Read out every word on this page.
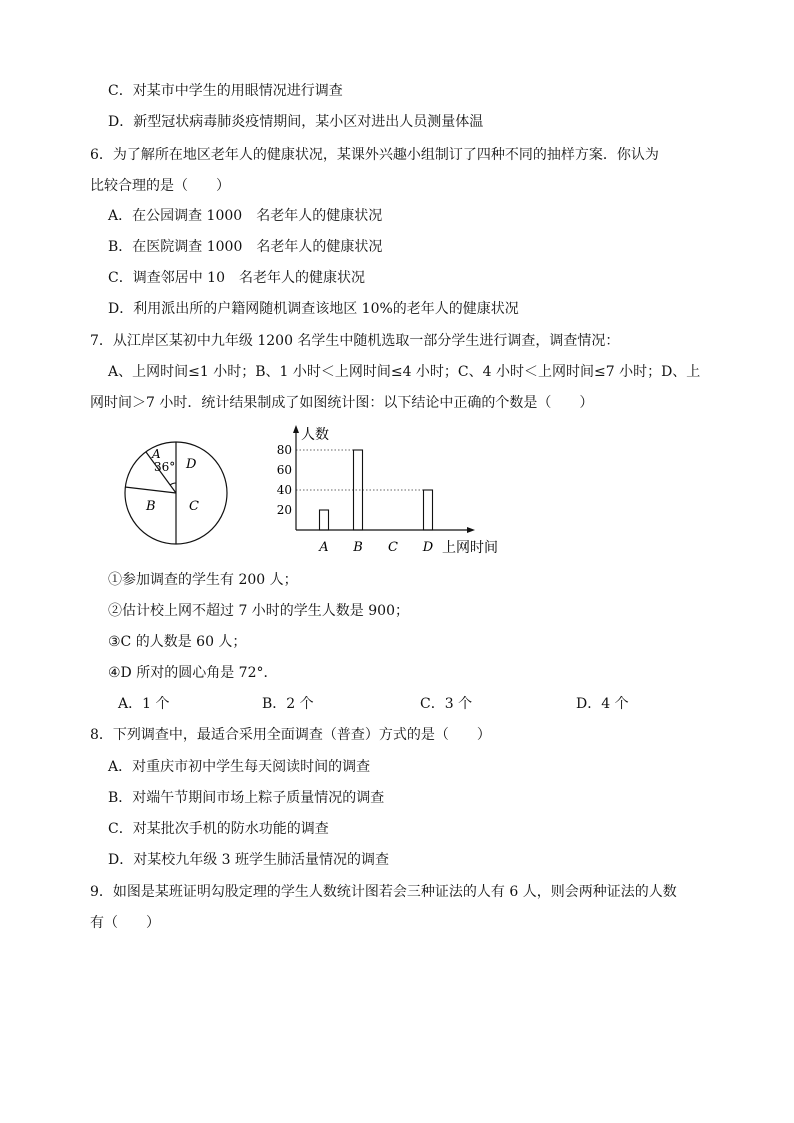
C．对某市中学生的用眼情况进行调查
D．新型冠状病毒肺炎疫情期间，某小区对进出人员测量体温
6．为了解所在地区老年人的健康状况，某课外兴趣小组制订了四种不同的抽样方案．你认为
比较合理的是（　　）
A．在公园调查 1000　名老年人的健康状况
B．在医院调查 1000　名老年人的健康状况
C．调查邻居中 10　名老年人的健康状况
D．利用派出所的户籍网随机调查该地区 10%的老年人的健康状况
7．从江岸区某初中九年级 1200 名学生中随机选取一部分学生进行调查，调查情况：
A、上网时间≤1 小时；B、1 小时＜上网时间≤4 小时；C、4 小时＜上网时间≤7 小时；D、上
网时间＞7 小时．统计结果制成了如图统计图：以下结论中正确的个数是（　　）
A
36° D
B	C
人数
上网时间
20
40
60
80
A B C D
①参加调查的学生有 200 人；
②估计校上网不超过 7 小时的学生人数是 900；
③C 的人数是 60 人；
④D 所对的圆心角是 72°．
A．1 个	B．2 个	C．3 个	D．4 个
8．下列调查中，最适合采用全面调查（普查）方式的是（　　）
A．对重庆市初中学生每天阅读时间的调查
B．对端午节期间市场上粽子质量情况的调查
C．对某批次手机的防水功能的调查
D．对某校九年级 3 班学生肺活量情况的调查
9．如图是某班证明勾股定理的学生人数统计图若会三种证法的人有 6 人，则会两种证法的人数
有（　　）
